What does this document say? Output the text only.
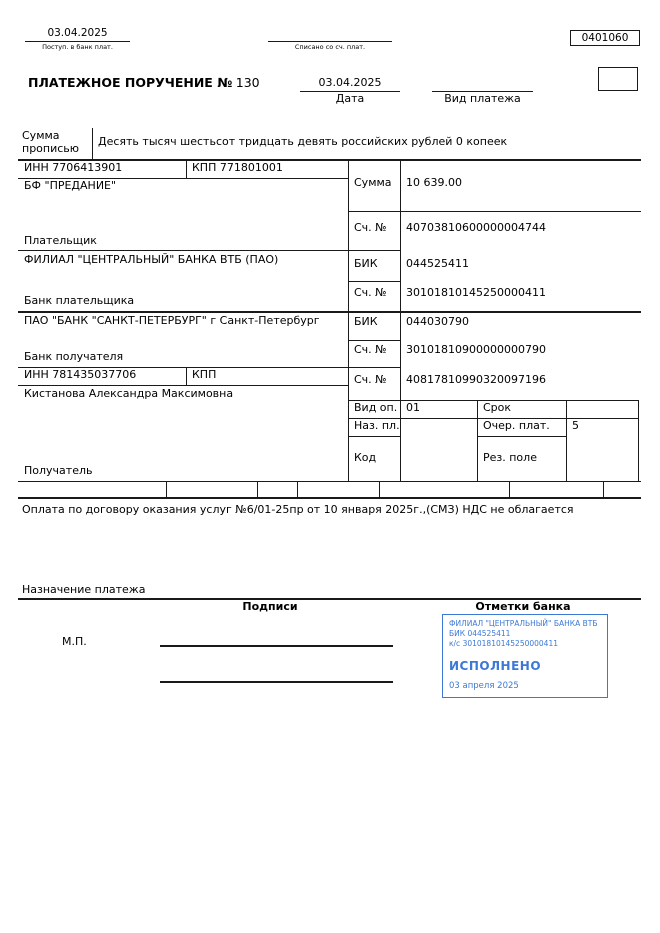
03.04.2025
Поступ. в банк плат.	Списано со сч. плат.
0401060
ПЛАТЕЖНОЕ ПОРУЧЕНИЕ № 130	03.04.2025
Дата	Вид платежа
Сумма прописью
Десять тысяч шестьсот тридцать девять российских рублей 0 копеек
ИНН 7706413901	КПП 771801001
БФ "ПРЕДАНИЕ"
Плательщик
Сумма 10 639.00
Сч. № 40703810600000004744
ФИЛИАЛ "ЦЕНТРАЛЬНЫЙ" БАНКА ВТБ (ПАО)
Банк плательщика
БИК	044525411
Сч. № 30101810145250000411
ПАО "БАНК "САНКТ-ПЕТЕРБУРГ" г Санкт-Петербург
Банк получателя
БИК	044030790
Сч. № 30101810900000000790
ИНН 781435037706	КПП
Кистанова Александра Максимовна
Получатель
Сч. № 40817810990320097196
Вид оп. 01	Срок
Наз. пл.	Очер. плат. 5
Код	Рез. поле
Оплата по договору оказания услуг №6/01-25пр от 10 января 2025г.,(СМЗ) НДС не облагается
Назначение платежа
Подписи	Отметки банка
М.П.
ФИЛИАЛ "ЦЕНТРАЛЬНЫЙ" БАНКА ВТБ
БИК 044525411
к/с 30101810145250000411
ИСПОЛНЕНО
03 апреля 2025
